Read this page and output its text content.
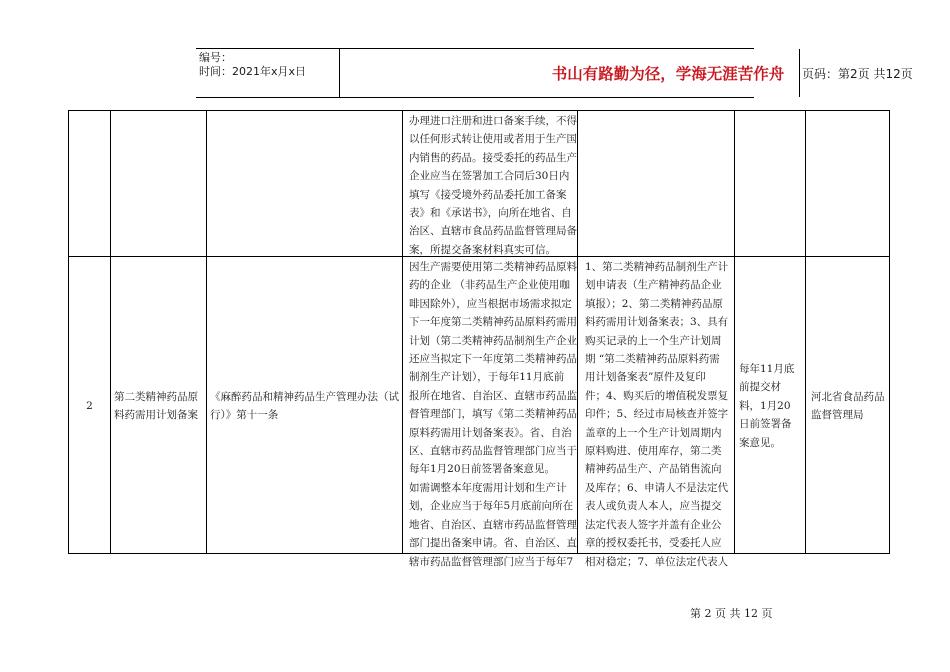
编号：
时间：2021年x月x日	书山有路勤为径，学海无涯苦作舟	页码：第2页 共12页
办理进口注册和进口备案手续，不得
以任何形式转让使用或者用于生产国
内销售的药品。接受委托的药品生产
企业应当在签署加工合同后30日内
填写《接受境外药品委托加工备案
表》和《承诺书》，向所在地省、自
治区、直辖市食品药品监督管理局备
案，所提交备案材料真实可信。
2
第二类精神药品原
料药需用计划备案
《麻醉药品和精神药品生产管理办法（试
行）》第十一条
因生产需要使用第二类精神药品原料
药的企业 （非药品生产企业使用咖
啡因除外），应当根据市场需求拟定
下一年度第二类精神药品原料药需用
计划（第二类精神药品制剂生产企业
还应当拟定下一年度第二类精神药品
制剂生产计划），于每年11月底前
报所在地省、自治区、直辖市药品监
督管理部门，填写《第二类精神药品
原料药需用计划备案表》。省、自治
区、直辖市药品监督管理部门应当于
每年1月20日前签署备案意见。
如需调整本年度需用计划和生产计
划，企业应当于每年5月底前向所在
地省、自治区、直辖市药品监督管理
部门提出备案申请。省、自治区、直
辖市药品监督管理部门应当于每年7
1、第二类精神药品制剂生产计
划申请表（生产精神药品企业
填报）；2、第二类精神药品原
料药需用计划备案表；3、具有
购买记录的上一个生产计划周
期 “第二类精神药品原料药需
用计划备案表”原件及复印
件；4、购买后的增值税发票复
印件；5、经过市局核查并签字
盖章的上一个生产计划周期内
原料购进、使用库存，第二类
精神药品生产、产品销售流向
及库存；6、申请人不是法定代
表人或负责人本人，应当提交
法定代表人签字并盖有企业公
章的授权委托书，受委托人应
相对稳定；7、单位法定代表人
每年11月底
前提交材
料，1月20
日前签署备
案意见。
河北省食品药品
监督管理局
第 2 页 共 12 页
